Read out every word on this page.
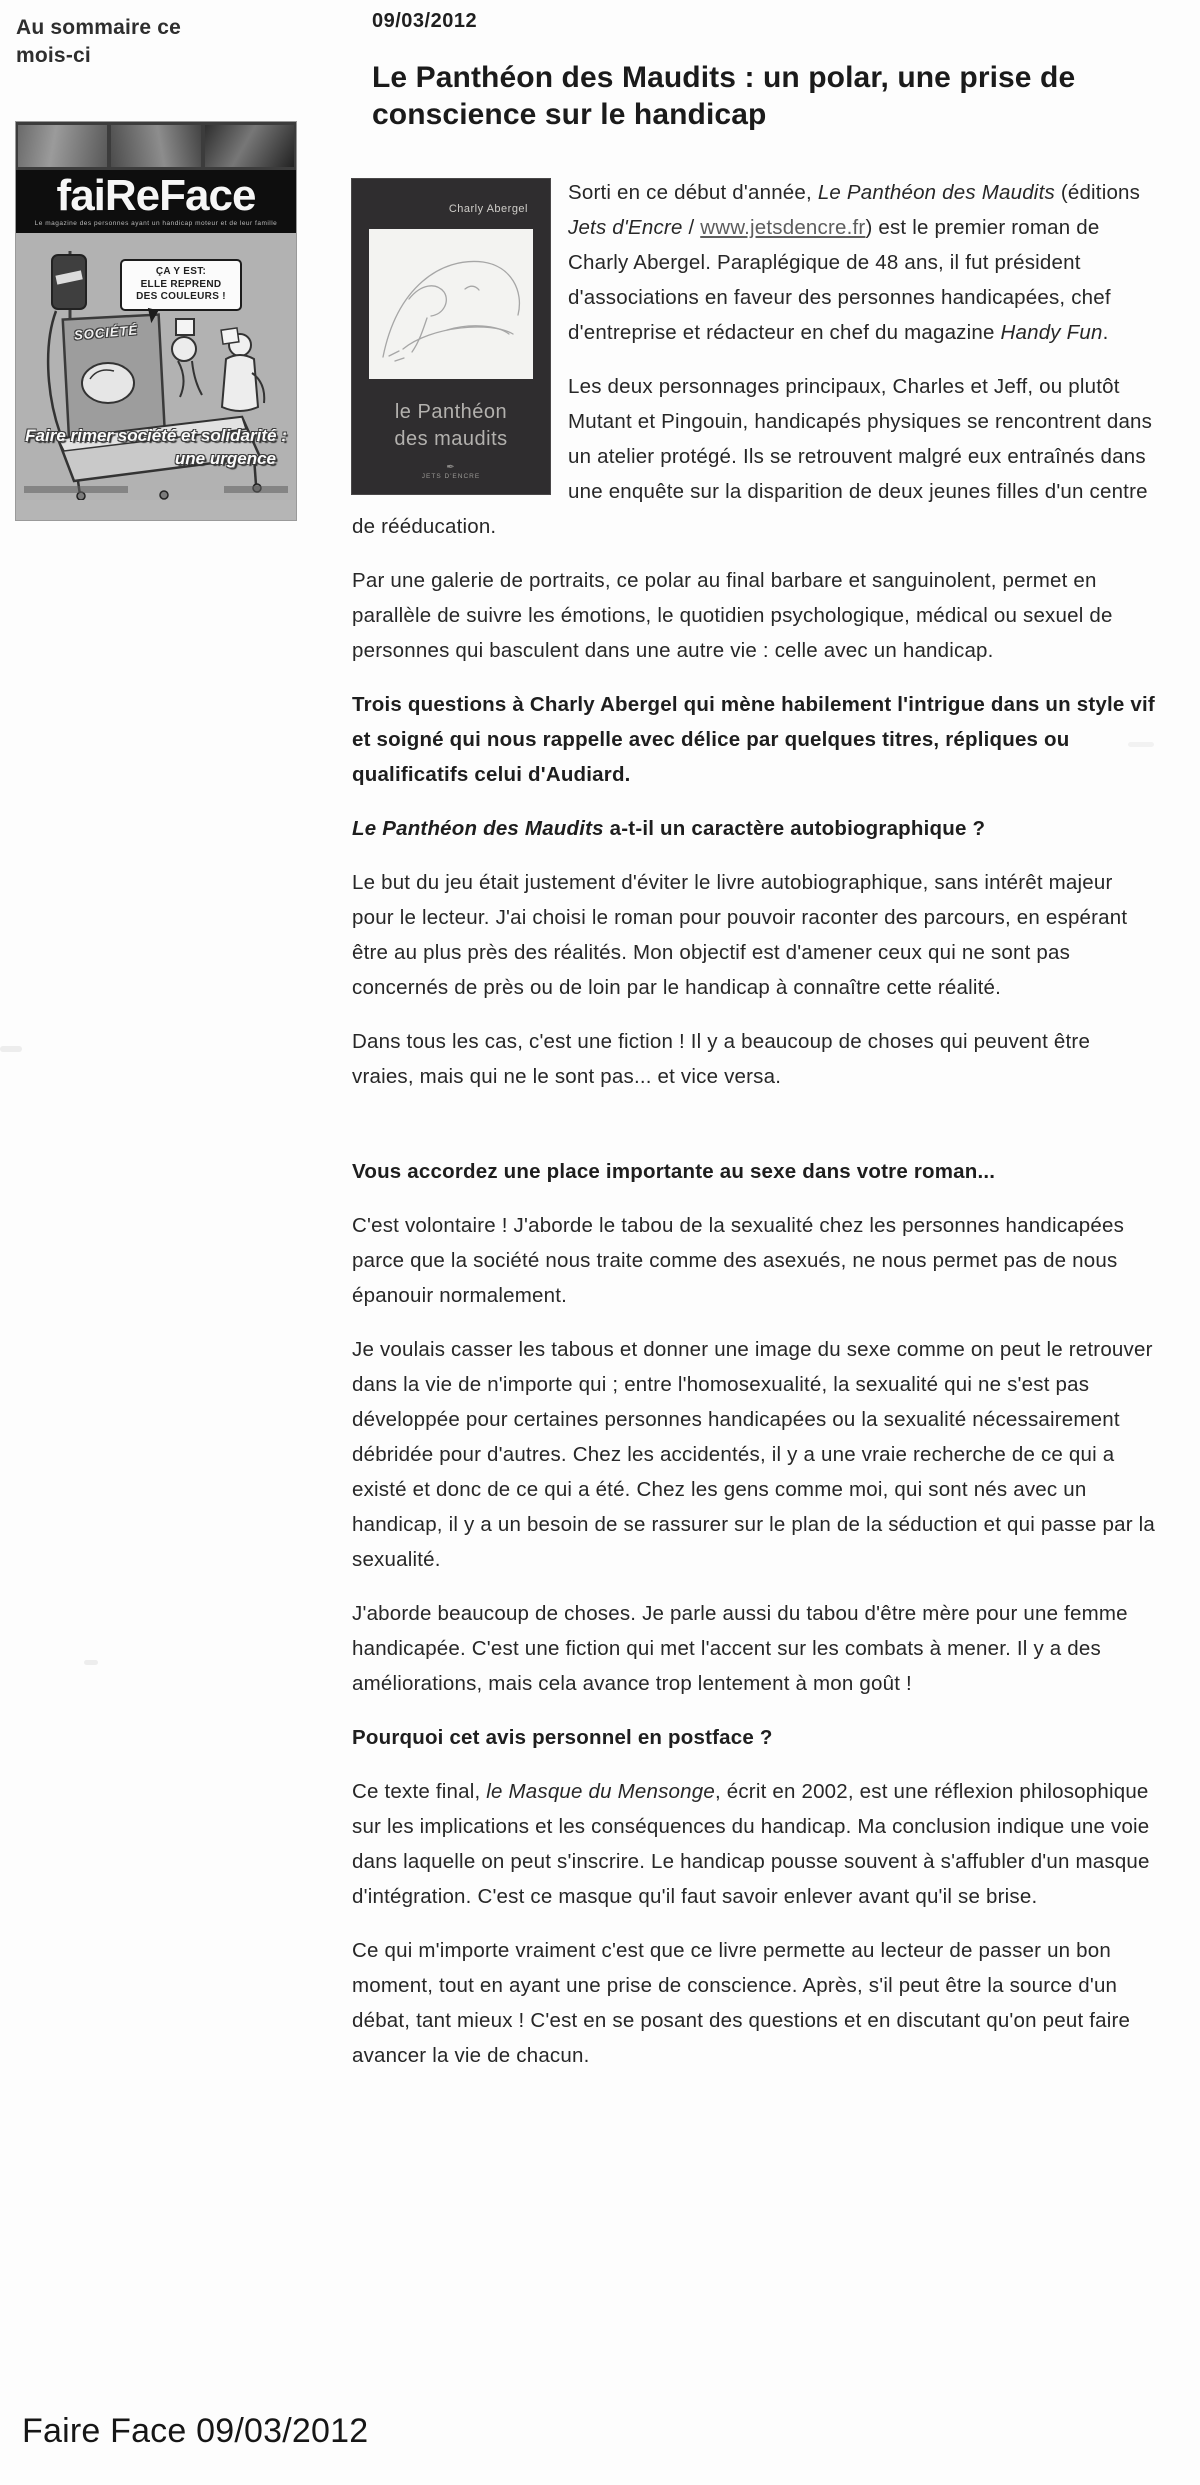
Au sommaire ce mois-ci
faiReFace
Le magazine des personnes ayant un handicap moteur et de leur famille
ÇA Y EST:
ELLE REPREND
DES COULEURS !
SOCIÉTÉ
Faire rimer société et solidarité :
une urgence
09/03/2012
Le Panthéon des Maudits : un polar, une prise de conscience sur le handicap
Charly Abergel
le Panthéon
des maudits
✒ JETS D'ENCRE

Sorti en ce début d'année, Le Panthéon des Maudits (éditions Jets d'Encre / www.jetsdencre.fr) est le premier roman de Charly Abergel. Paraplégique de 48 ans, il fut président d'associations en faveur des personnes handicapées, chef d'entreprise et rédacteur en chef du magazine Handy Fun.

Les deux personnages principaux, Charles et Jeff, ou plutôt Mutant et Pingouin, handicapés physiques se rencontrent dans un atelier protégé. Ils se retrouvent malgré eux entraînés dans une enquête sur la disparition de deux jeunes filles d'un centre de rééducation.

Par une galerie de portraits, ce polar au final barbare et sanguinolent, permet en parallèle de suivre les émotions, le quotidien psychologique, médical ou sexuel de personnes qui basculent dans une autre vie : celle avec un handicap.

Trois questions à Charly Abergel qui mène habilement l'intrigue dans un style vif et soigné qui nous rappelle avec délice par quelques titres, répliques ou qualificatifs celui d'Audiard.

Le Panthéon des Maudits a-t-il un caractère autobiographique ?

Le but du jeu était justement d'éviter le livre autobiographique, sans intérêt majeur pour le lecteur. J'ai choisi le roman pour pouvoir raconter des parcours, en espérant être au plus près des réalités. Mon objectif est d'amener ceux qui ne sont pas concernés de près ou de loin par le handicap à connaître cette réalité.

Dans tous les cas, c'est une fiction ! Il y a beaucoup de choses qui peuvent être vraies, mais qui ne le sont pas... et vice versa.

Vous accordez une place importante au sexe dans votre roman...

C'est volontaire ! J'aborde le tabou de la sexualité chez les personnes handicapées parce que la société nous traite comme des asexués, ne nous permet pas de nous épanouir normalement.

Je voulais casser les tabous et donner une image du sexe comme on peut le retrouver dans la vie de n'importe qui ; entre l'homosexualité, la sexualité qui ne s'est pas développée pour certaines personnes handicapées ou la sexualité nécessairement débridée pour d'autres. Chez les accidentés, il y a une vraie recherche de ce qui a existé et donc de ce qui a été. Chez les gens comme moi, qui sont nés avec un handicap, il y a un besoin de se rassurer sur le plan de la séduction et qui passe par la sexualité.

J'aborde beaucoup de choses. Je parle aussi du tabou d'être mère pour une femme handicapée. C'est une fiction qui met l'accent sur les combats à mener. Il y a des améliorations, mais cela avance trop lentement à mon goût !

Pourquoi cet avis personnel en postface ?

Ce texte final, le Masque du Mensonge, écrit en 2002, est une réflexion philosophique sur les implications et les conséquences du handicap. Ma conclusion indique une voie dans laquelle on peut s'inscrire. Le handicap pousse souvent à s'affubler d'un masque d'intégration. C'est ce masque qu'il faut savoir enlever avant qu'il se brise.

Ce qui m'importe vraiment c'est que ce livre permette au lecteur de passer un bon moment, tout en ayant une prise de conscience. Après, s'il peut être la source d'un débat, tant mieux ! C'est en se posant des questions et en discutant qu'on peut faire avancer la vie de chacun.

Faire Face 09/03/2012
